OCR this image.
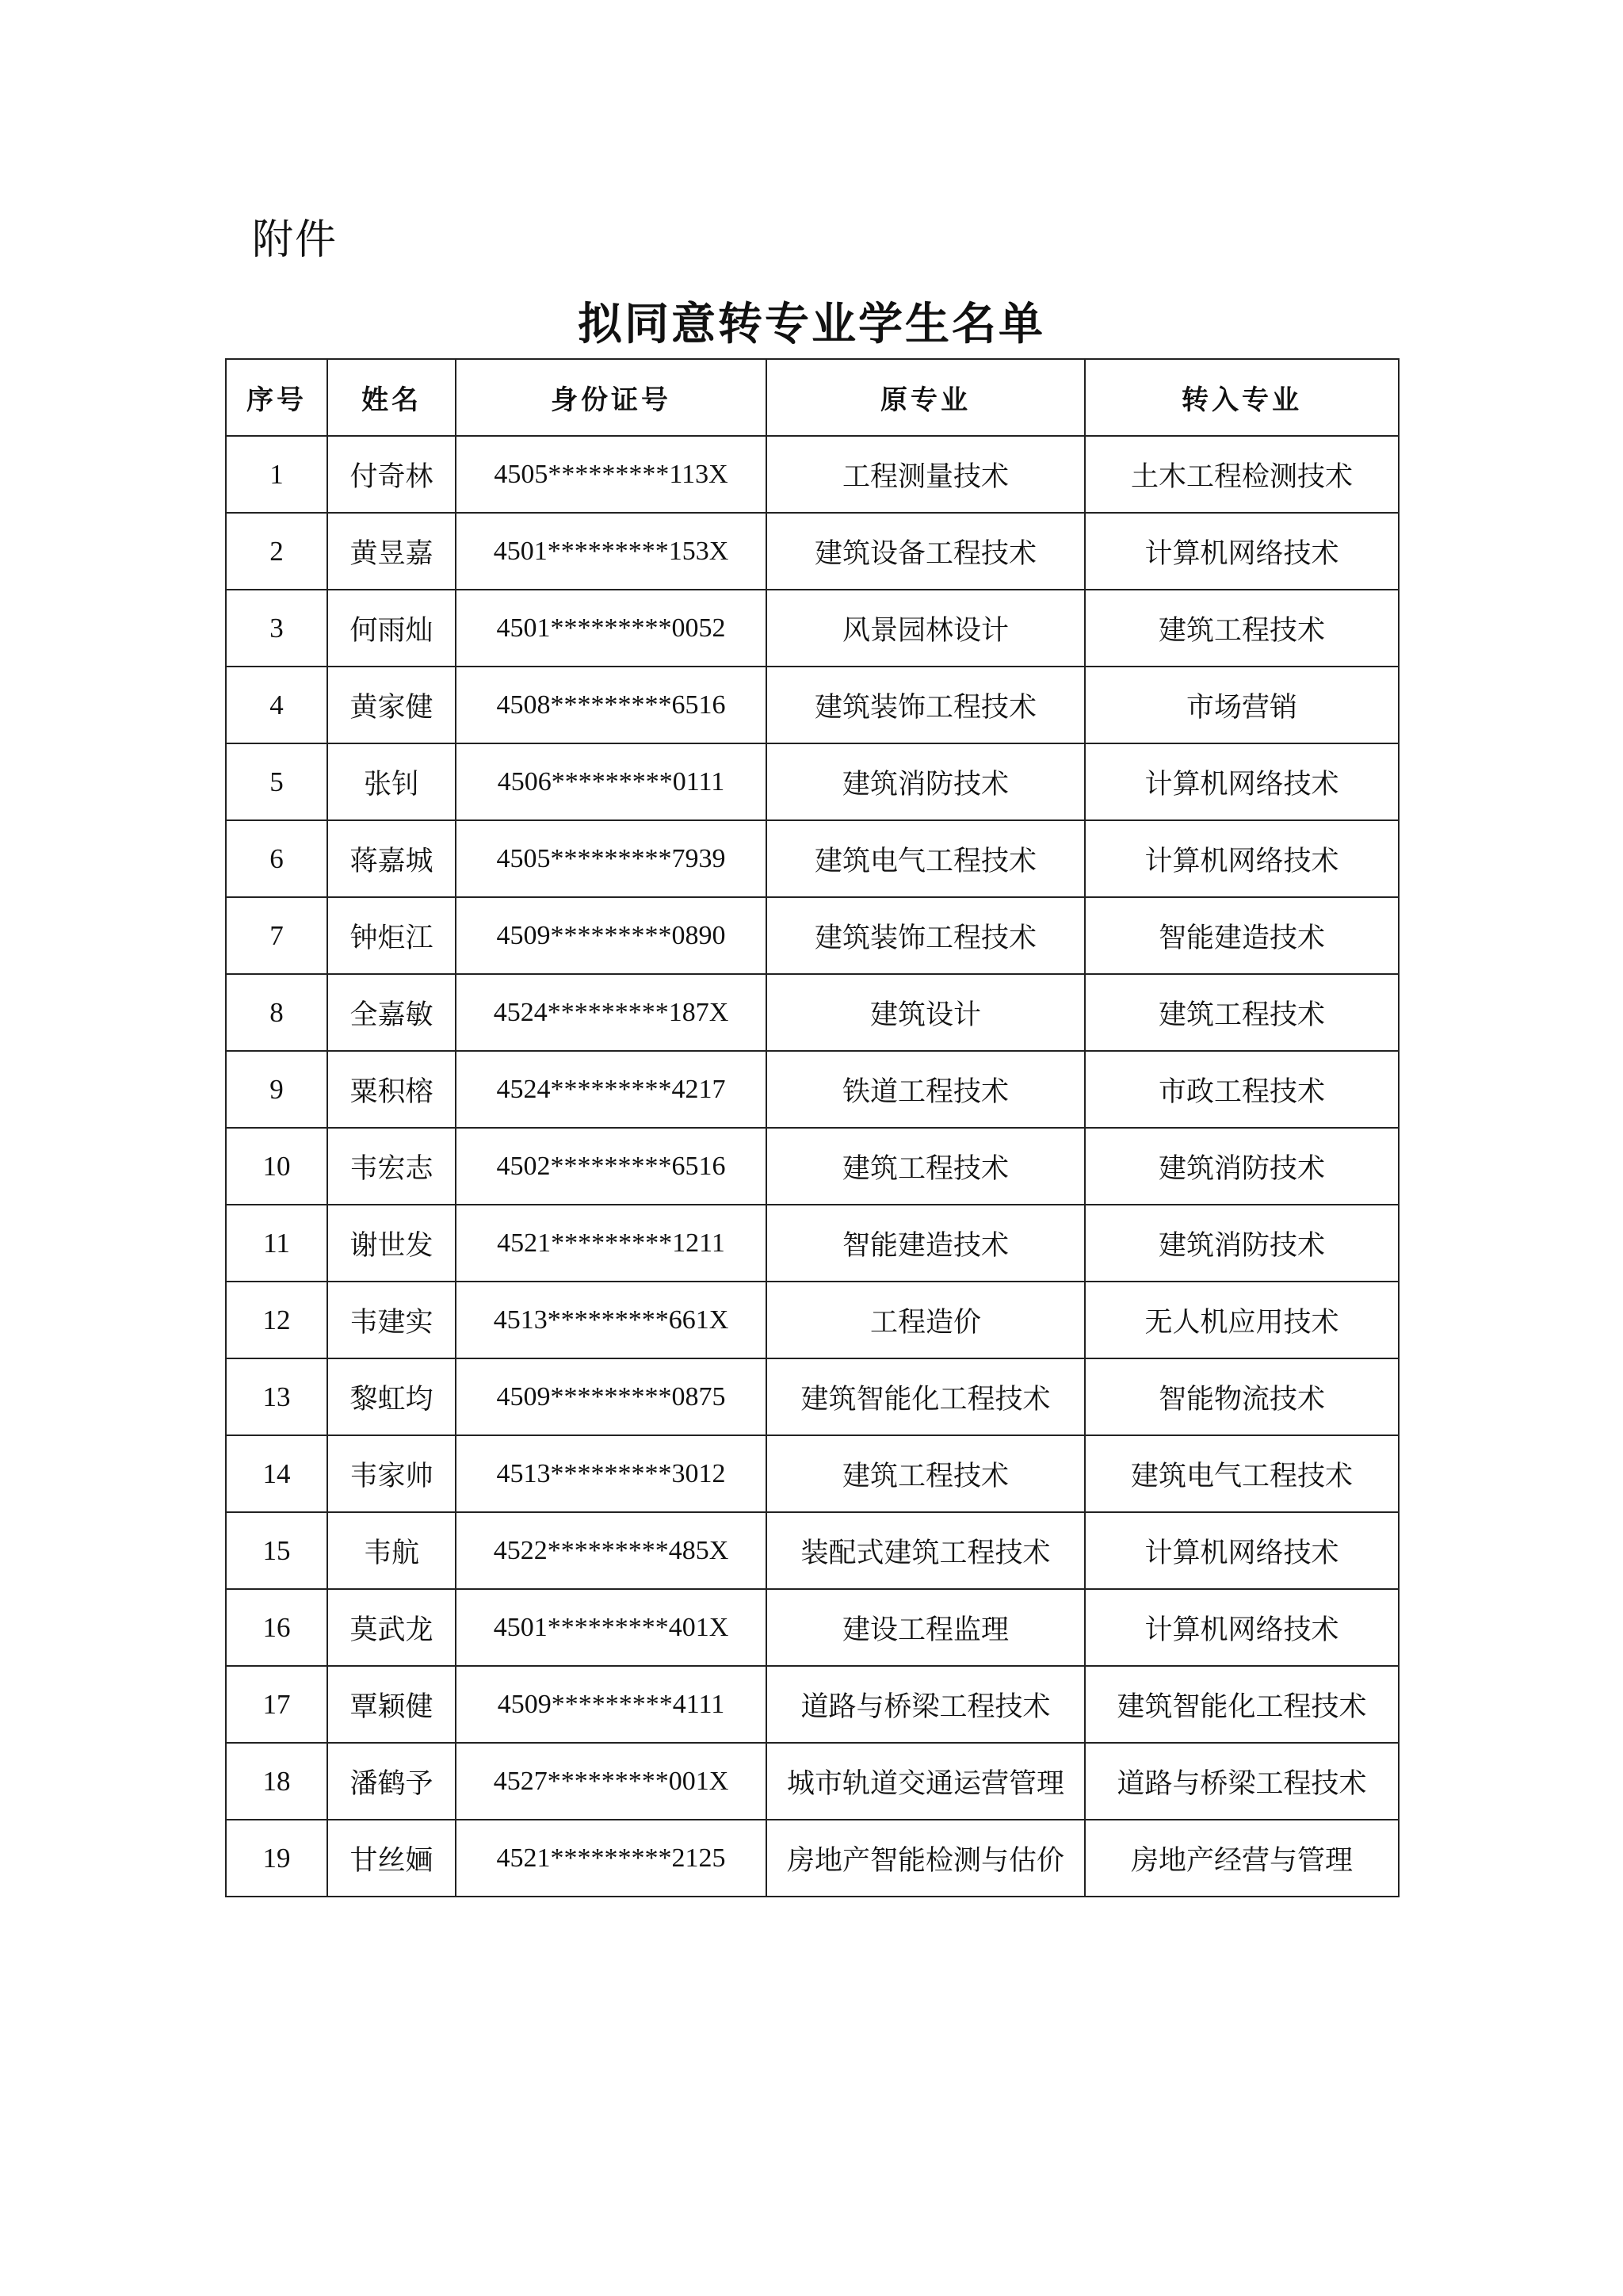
附件
拟同意转专业学生名单
序号	姓名	身份证号	原专业	转入专业
1	付奇林	4505*********113X	工程测量技术	土木工程检测技术
2	黄昱嘉	4501*********153X	建筑设备工程技术	计算机网络技术
3	何雨灿	4501*********0052	风景园林设计	建筑工程技术
4	黄家健	4508*********6516	建筑装饰工程技术	市场营销
5	张钊	4506*********0111	建筑消防技术	计算机网络技术
6	蒋嘉城	4505*********7939	建筑电气工程技术	计算机网络技术
7	钟炬江	4509*********0890	建筑装饰工程技术	智能建造技术
8	全嘉敏	4524*********187X	建筑设计	建筑工程技术
9	粟积榕	4524*********4217	铁道工程技术	市政工程技术
10	韦宏志	4502*********6516	建筑工程技术	建筑消防技术
11	谢世发	4521*********1211	智能建造技术	建筑消防技术
12	韦建实	4513*********661X	工程造价	无人机应用技术
13	黎虹均	4509*********0875	建筑智能化工程技术	智能物流技术
14	韦家帅	4513*********3012	建筑工程技术	建筑电气工程技术
15	韦航	4522*********485X	装配式建筑工程技术	计算机网络技术
16	莫武龙	4501*********401X	建设工程监理	计算机网络技术
17	覃颖健	4509*********4111	道路与桥梁工程技术	建筑智能化工程技术
18	潘鹤予	4527*********001X	城市轨道交通运营管理	道路与桥梁工程技术
19	甘丝婳	4521*********2125	房地产智能检测与估价	房地产经营与管理
